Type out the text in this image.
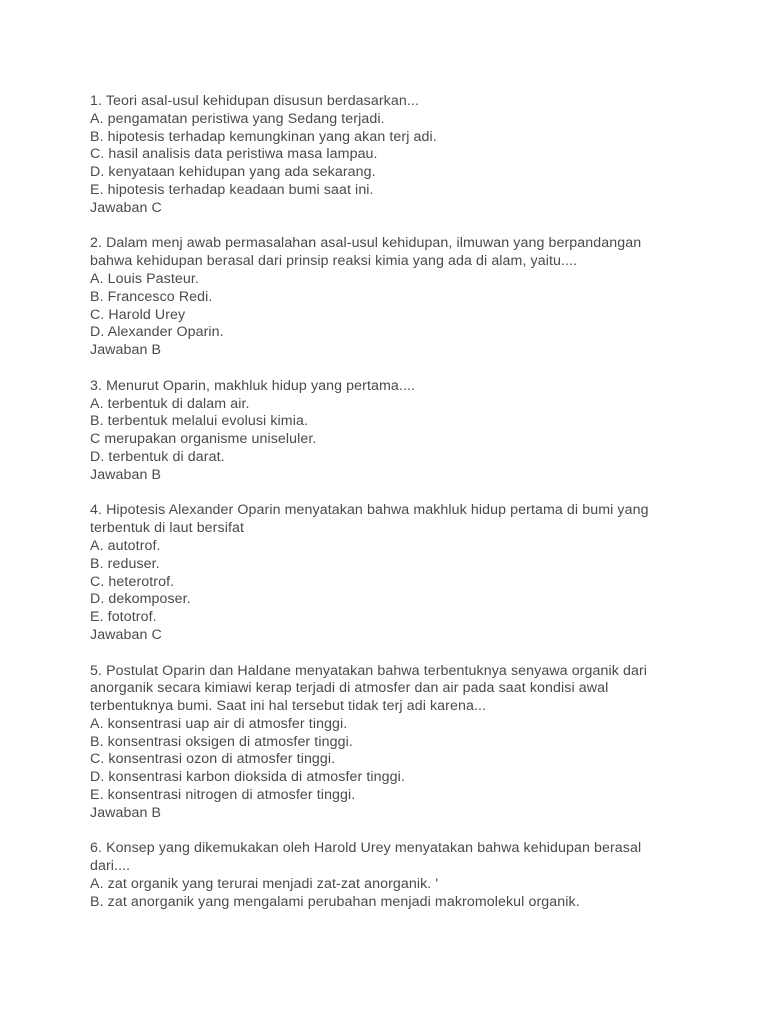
1. Teori asal-usul kehidupan disusun berdasarkan...
A. pengamatan peristiwa yang Sedang terjadi.
B. hipotesis terhadap kemungkinan yang akan terj adi.
C. hasil analisis data peristiwa masa lampau.
D. kenyataan kehidupan yang ada sekarang.
E. hipotesis terhadap keadaan bumi saat ini.
Jawaban C
2. Dalam menj awab permasalahan asal-usul kehidupan, ilmuwan yang berpandangan
bahwa kehidupan berasal dari prinsip reaksi kimia yang ada di alam, yaitu....
A. Louis Pasteur.
B. Francesco Redi.
C. Harold Urey
D. Alexander Oparin.
Jawaban B
3. Menurut Oparin, makhluk hidup yang pertama....
A. terbentuk di dalam air.
B. terbentuk melalui evolusi kimia.
C merupakan organisme uniseluler.
D. terbentuk di darat.
Jawaban B
4. Hipotesis Alexander Oparin menyatakan bahwa makhluk hidup pertama di bumi yang
terbentuk di laut bersifat
A. autotrof.
B. reduser.
C. heterotrof.
D. dekomposer.
E. fototrof.
Jawaban C
5. Postulat Oparin dan Haldane menyatakan bahwa terbentuknya senyawa organik dari
anorganik secara kimiawi kerap terjadi di atmosfer dan air pada saat kondisi awal
terbentuknya bumi. Saat ini hal tersebut tidak terj adi karena...
A. konsentrasi uap air di atmosfer tinggi.
B. konsentrasi oksigen di atmosfer tinggi.
C. konsentrasi ozon di atmosfer tinggi.
D. konsentrasi karbon dioksida di atmosfer tinggi.
E. konsentrasi nitrogen di atmosfer tinggi.
Jawaban B
6. Konsep yang dikemukakan oleh Harold Urey menyatakan bahwa kehidupan berasal
dari....
A. zat organik yang terurai menjadi zat-zat anorganik. '
B. zat anorganik yang mengalami perubahan menjadi makromolekul organik.
